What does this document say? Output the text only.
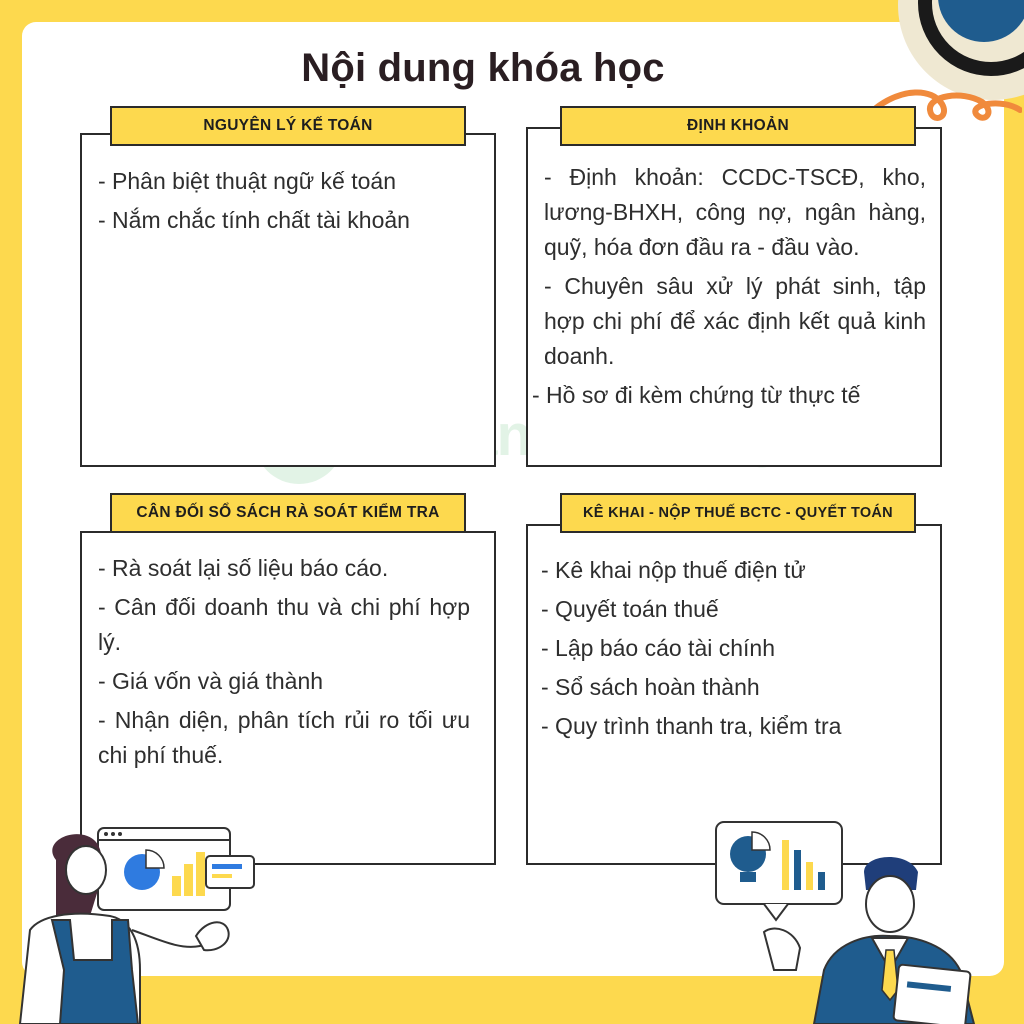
Nội dung khóa học
NGUYÊN LÝ KẾ TOÁN
- Phân biệt thuật ngữ kế toán
- Nắm chắc tính chất tài khoản
ĐỊNH KHOẢN
- Định khoản: CCDC-TSCĐ, kho, lương-BHXH, công nợ, ngân hàng, quỹ, hóa đơn đầu ra - đầu vào.
- Chuyên sâu xử lý phát sinh, tập hợp chi phí để xác định kết quả kinh doanh.
- Hồ sơ đi kèm chứng từ thực tế
CÂN ĐỐI SỔ SÁCH RÀ SOÁT KIỂM TRA
- Rà soát lại số liệu báo cáo.
- Cân đối doanh thu và chi phí hợp lý.
- Giá vốn và giá thành
- Nhận diện, phân tích rủi ro tối ưu chi phí thuế.
KÊ KHAI - NỘP THUẾ BCTC - QUYẾT TOÁN
- Kê khai nộp thuế điện tử
- Quyết toán thuế
- Lập báo cáo tài chính
- Sổ sách hoàn thành
- Quy trình thanh tra, kiểm tra
